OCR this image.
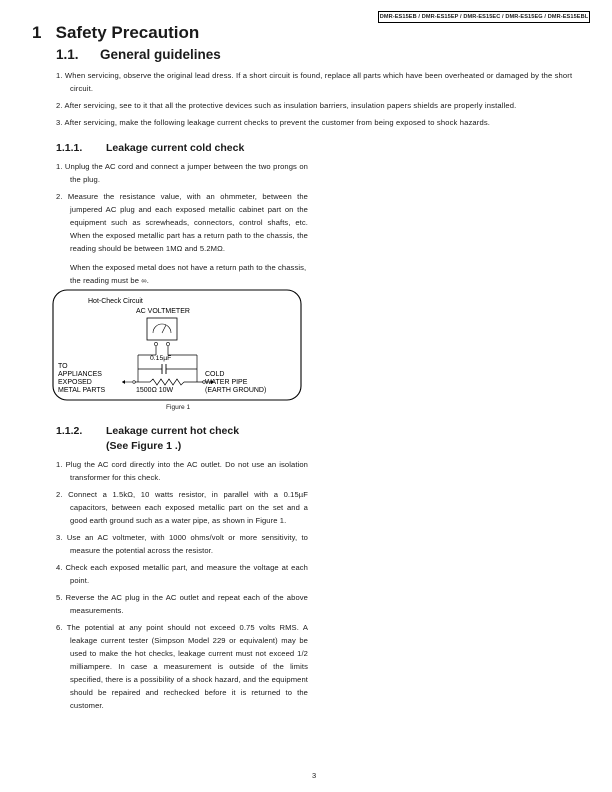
DMR-ES15EB / DMR-ES15EP / DMR-ES15EC / DMR-ES15EG / DMR-ES15EBL
1 Safety Precaution
1.1. General guidelines
1. When servicing, observe the original lead dress. If a short circuit is found, replace all parts which have been overheated or damaged by the short circuit.
2. After servicing, see to it that all the protective devices such as insulation barriers, insulation papers shields are properly installed.
3. After servicing, make the following leakage current checks to prevent the customer from being exposed to shock hazards.
1.1.1. Leakage current cold check
1. Unplug the AC cord and connect a jumper between the two prongs on the plug.
2. Measure the resistance value, with an ohmmeter, between the jumpered AC plug and each exposed metallic cabinet part on the equipment such as screwheads, connectors, control shafts, etc. When the exposed metallic part has a return path to the chassis, the reading should be between 1MΩ and 5.2MΩ.

When the exposed metal does not have a return path to the chassis, the reading must be ∞.

Hot-Check Circuit
AC VOLTMETER
0.15µF
TO
APPLIANCES
EXPOSED
METAL PARTS	1500Ω 10W
COLD
WATER PIPE
(EARTH GROUND)
Figure 1
1.1.2. Leakage current hot check
(See Figure 1 .)
1. Plug the AC cord directly into the AC outlet. Do not use an isolation transformer for this check.
2. Connect a 1.5kΩ, 10 watts resistor, in parallel with a 0.15µF capacitors, between each exposed metallic part on the set and a good earth ground such as a water pipe, as shown in Figure 1.
3. Use an AC voltmeter, with 1000 ohms/volt or more sensitivity, to measure the potential across the resistor.
4. Check each exposed metallic part, and measure the voltage at each point.
5. Reverse the AC plug in the AC outlet and repeat each of the above measurements.
6. The potential at any point should not exceed 0.75 volts RMS. A leakage current tester (Simpson Model 229 or equivalent) may be used to make the hot checks, leakage current must not exceed 1/2 milliampere. In case a measurement is outside of the limits specified, there is a possibility of a shock hazard, and the equipment should be repaired and rechecked before it is returned to the customer.
3
